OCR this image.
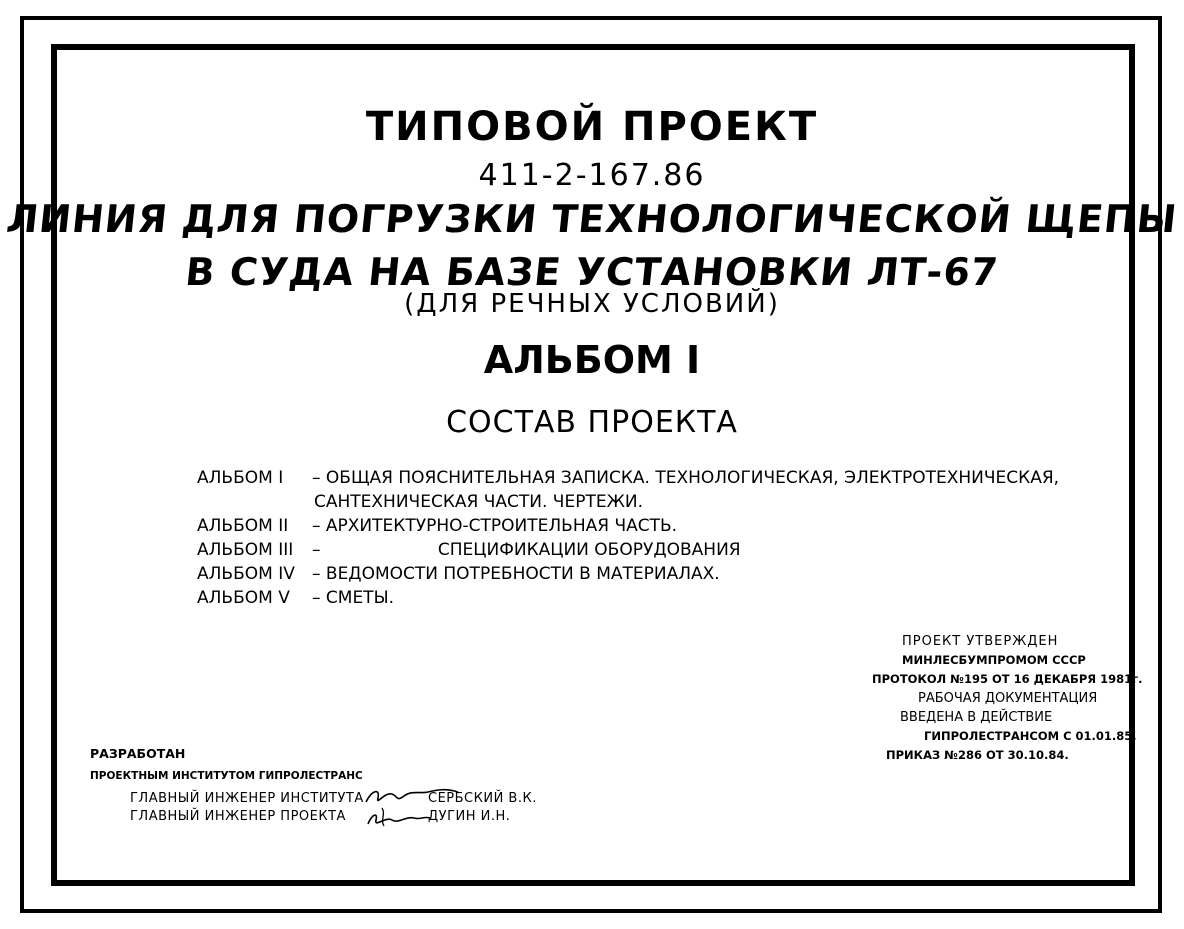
ТИПОВОЙ ПРОЕКТ
411-2-167.86
ЛИНИЯ ДЛЯ ПОГРУЗКИ ТЕХНОЛОГИЧЕСКОЙ ЩЕПЫ
В СУДА НА БАЗЕ УСТАНОВКИ ЛТ-67
(ДЛЯ РЕЧНЫХ УСЛОВИЙ)
АЛЬБОМ I
СОСТАВ ПРОЕКТА
АЛЬБОМ I – ОБЩАЯ ПОЯСНИТЕЛЬНАЯ ЗАПИСКА. ТЕХНОЛОГИЧЕСКАЯ, ЭЛЕКТРОТЕХНИЧЕСКАЯ,
САНТЕХНИЧЕСКАЯ ЧАСТИ. ЧЕРТЕЖИ.
АЛЬБОМ II – АРХИТЕКТУРНО-СТРОИТЕЛЬНАЯ ЧАСТЬ.
АЛЬБОМ III –	СПЕЦИФИКАЦИИ ОБОРУДОВАНИЯ
АЛЬБОМ IV – ВЕДОМОСТИ ПОТРЕБНОСТИ В МАТЕРИАЛАХ.
АЛЬБОМ V – СМЕТЫ.
ПРОЕКТ УТВЕРЖДЕН
МИНЛЕСБУМПРОМОМ СССР
ПРОТОКОЛ №195 ОТ 16 ДЕКАБРЯ 1981г.
РАБОЧАЯ ДОКУМЕНТАЦИЯ
ВВЕДЕНА В ДЕЙСТВИЕ
ГИПРОЛЕСТРАНСОМ С 01.01.85,
ПРИКАЗ №286 ОТ 30.10.84.
РАЗРАБОТАН
ПРОЕКТНЫМ ИНСТИТУТОМ ГИПРОЛЕСТРАНС
ГЛАВНЫЙ ИНЖЕНЕР ИНСТИТУТА	СЕРБСКИЙ В.К.
ГЛАВНЫЙ ИНЖЕНЕР ПРОЕКТА	ДУГИН И.Н.
